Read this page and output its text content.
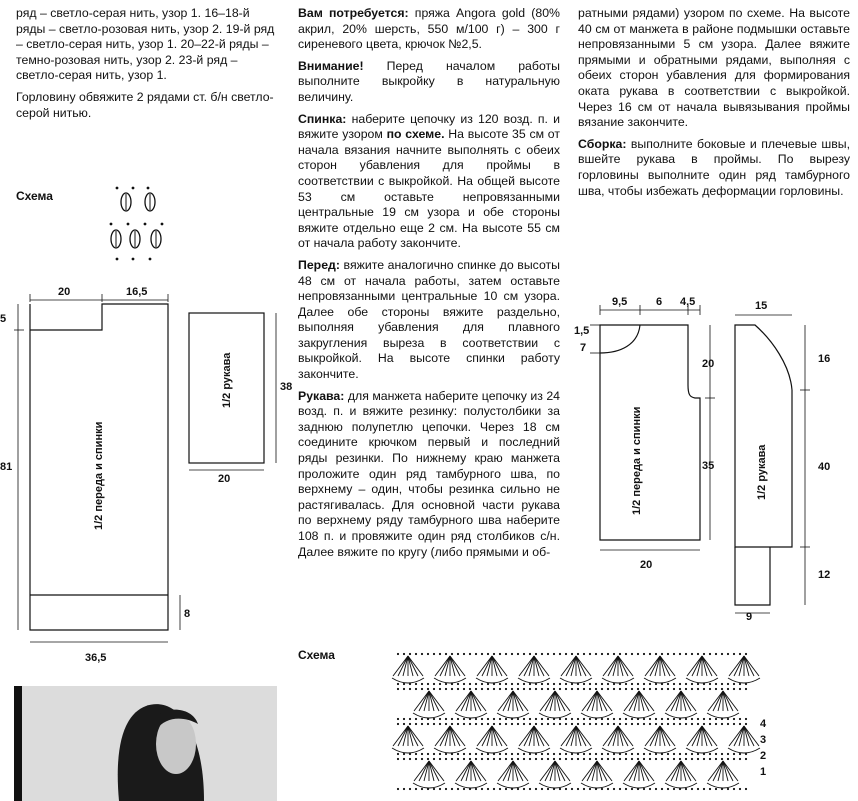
ряд – светло-серая нить, узор 1. 16–18-й ряды – светло-розовая нить, узор 2. 19-й ряд – светло-серая нить, узор 1. 20–22-й ряды – темно-розовая нить, узор 2. 23-й ряд – светло-серая нить, узор 1.

Горловину обвяжите 2 рядами ст. б/н светло-серой нитью.

Схема
20	16,5
5
81
8
36,5
38
20
1/2 переда и спинки
1/2 рукава

Вам потребуется: пряжа Angora gold (80% акрил, 20% шерсть, 550 м/100 г) – 300 г сиреневого цвета, крючок №2,5.

Внимание! Перед началом работы выполните выкройку в натуральную величину.

Спинка: наберите цепочку из 120 возд. п. и вяжите узором по схеме. На высоте 35 см от начала вязания начните выполнять с обеих сторон убавления для проймы в соответствии с выкройкой. На общей высоте 53 см оставьте непровязанными центральные 19 см узора и обе стороны вяжите отдельно еще 2 см. На высоте 55 см от начала работу закончите.

Перед: вяжите аналогично спинке до высоты 48 см от начала работы, затем оставьте непровязанными центральные 10 см узора. Далее обе стороны вяжите раздельно, выполняя убавления для плавного закругления выреза в соответствии с выкройкой. На высоте спинки работу закончите.

Рукава: для манжета наберите цепочку из 24 возд. п. и вяжите резинку: полустолбики за заднюю полупетлю цепочки. Через 18 см соедините крючком первый и последний ряды резинки. По нижнему краю манжета проложите один ряд тамбурного шва, по верхнему – один, чтобы резинка сильно не растягивалась. Для основной части рукава по верхнему ряду тамбурного шва наберите 108 п. и провяжите один ряд столбиков с/н. Далее вяжите по кругу (либо прямыми и об-

ратными рядами) узором по схеме. На высоте 40 см от манжета в районе подмышки оставьте непровязанными 5 см узора. Далее вяжите прямыми и обратными рядами, выполняя с обеих сторон убавления для формирования оката рукава в соответствии с выкройкой. Через 16 см от начала вывязывания проймы вязание закончите.

Сборка: выполните боковые и плечевые швы, вшейте рукава в проймы. По вырезу горловины выполните один ряд тамбурного шва, чтобы избежать деформации горловины.

9,5	6 4,5
1,5
7
20
35
20
15
16
40
12
9
1/2 переда и спинки	1/2 рукава
Схема
4
3
2
1
